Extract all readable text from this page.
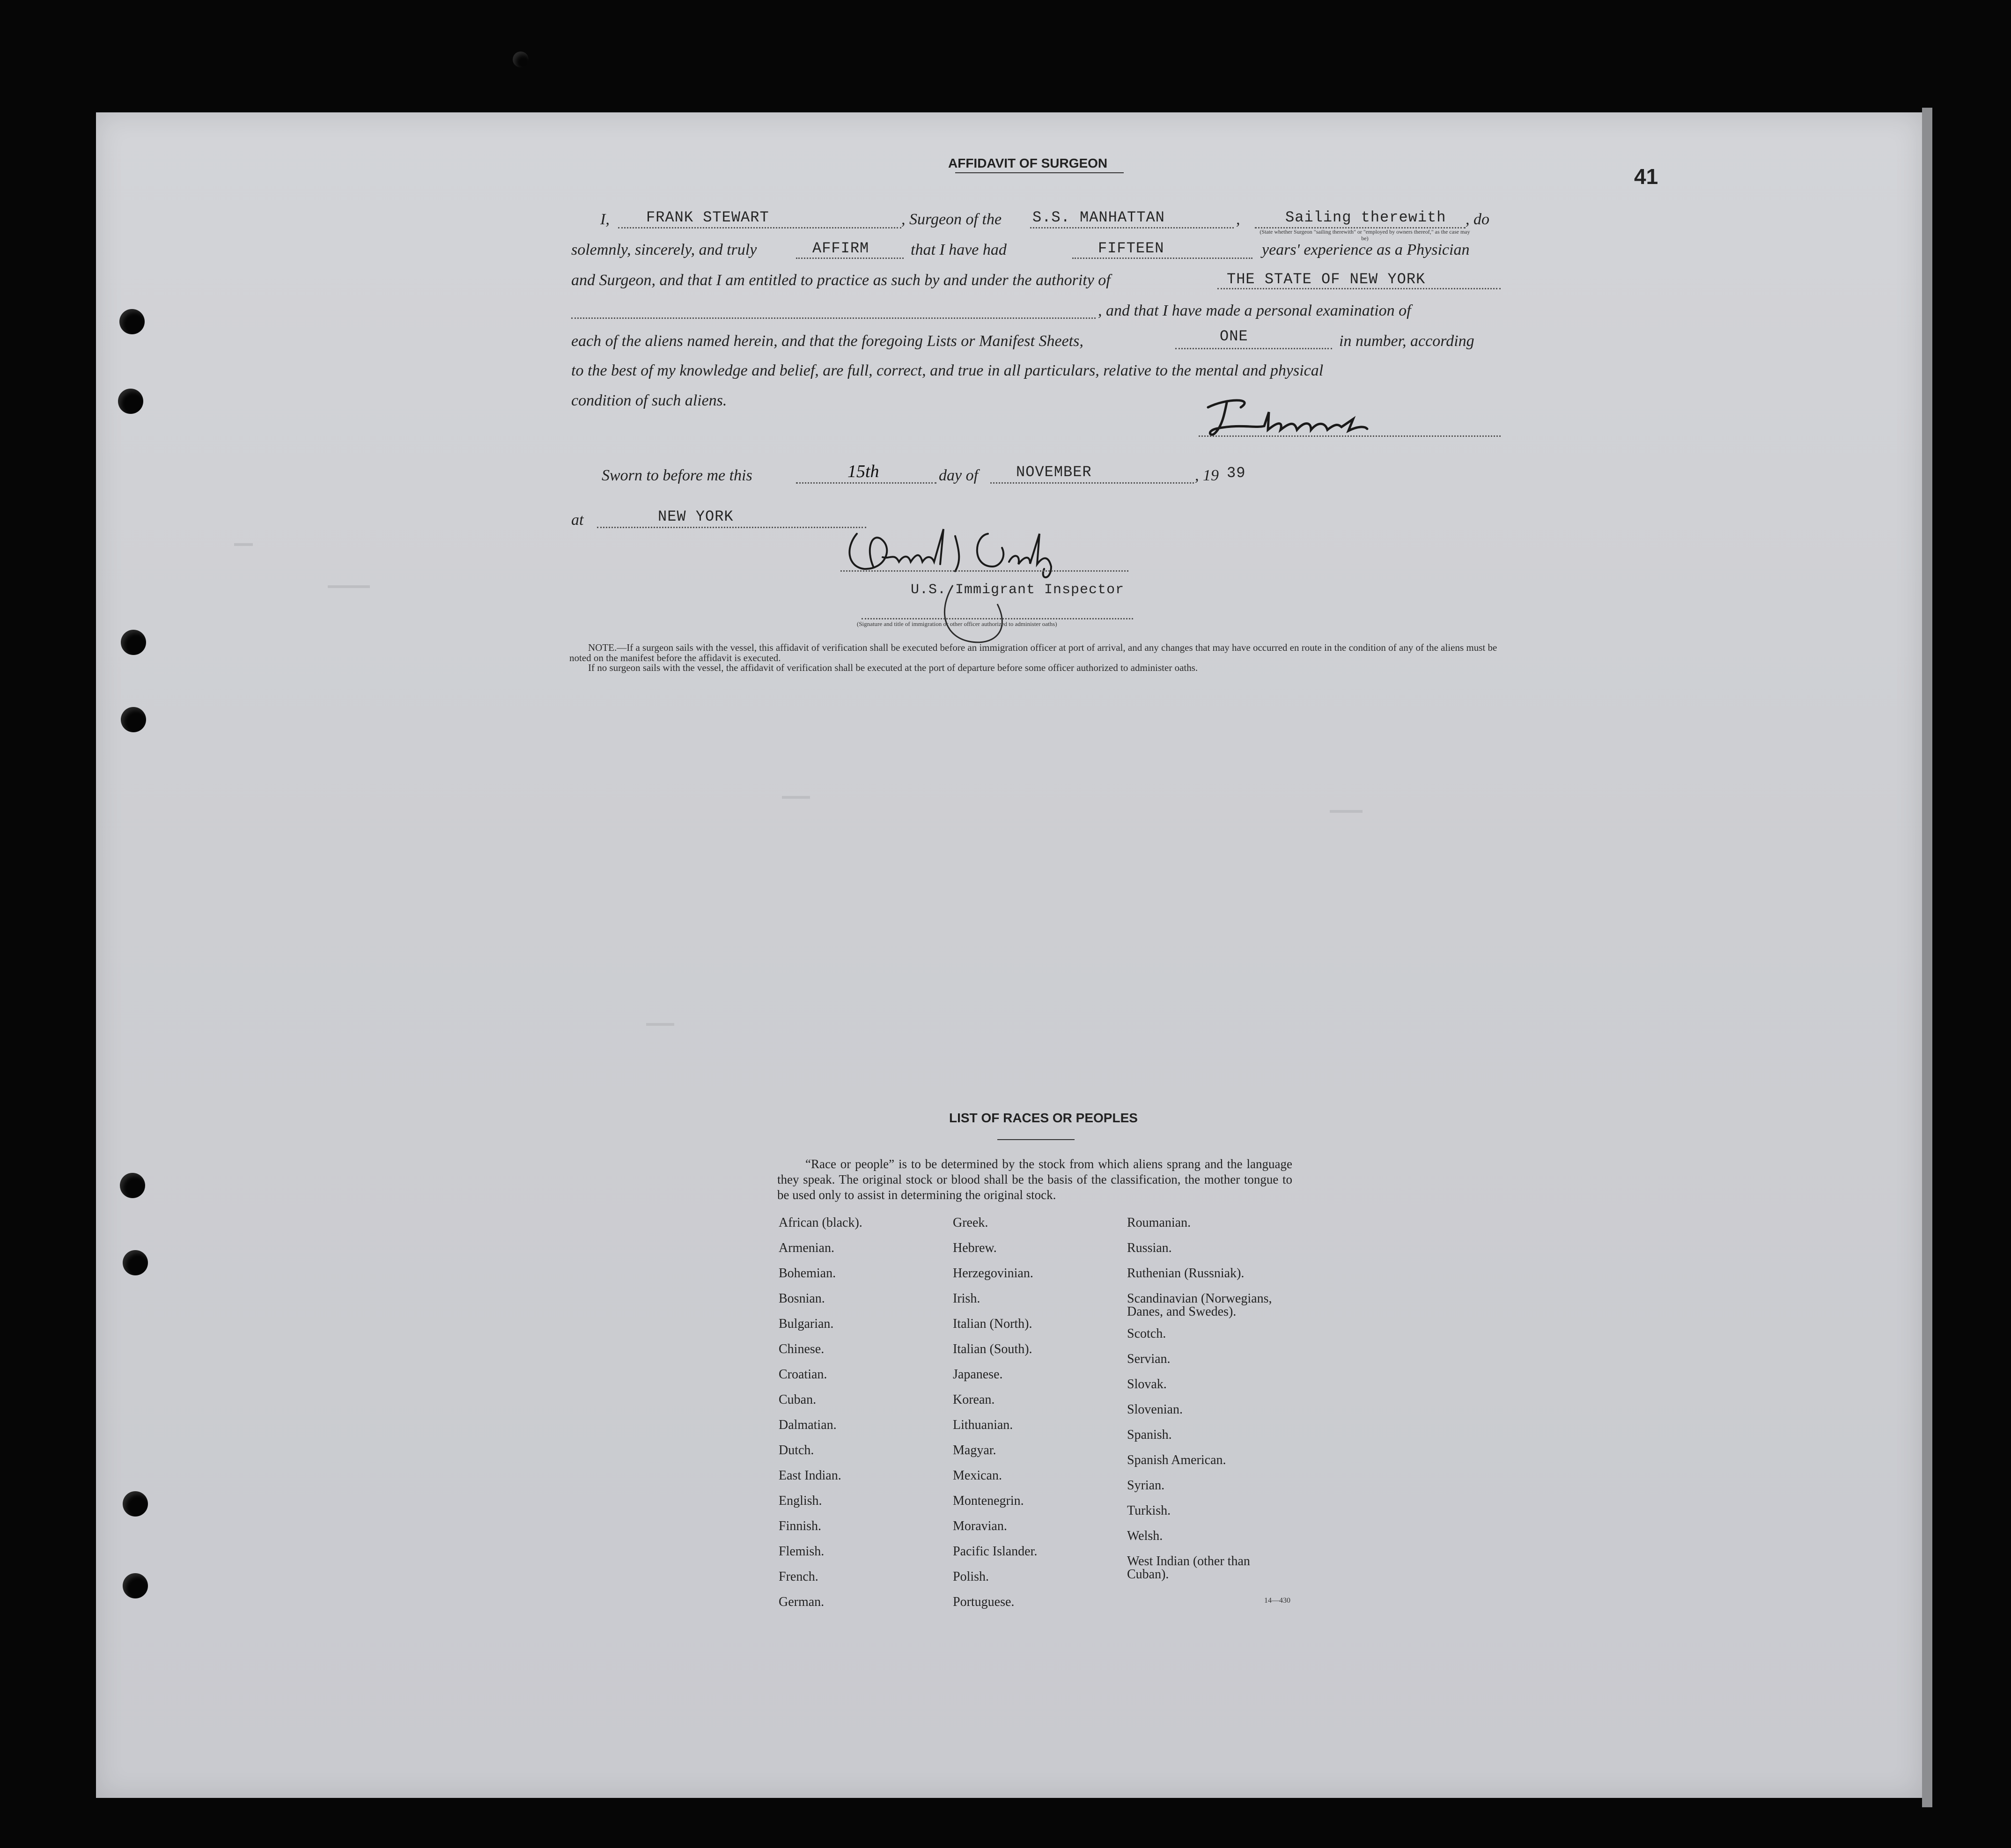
41
AFFIDAVIT OF SURGEON
I, FRANK STEWART	, Surgeon of the S.S. MANHATTAN	,	Sailing therewith , do
(State whether Surgeon "sailing therewith" or "employed by owners thereof," as the case may be)
solemnly, sincerely, and truly	AFFIRM	that I have had	FIFTEEN	years' experience as a Physician
and Surgeon, and that I am entitled to practice as such by and under the authority of	THE STATE OF NEW YORK
, and that I have made a personal examination of
each of the aliens named herein, and that the foregoing Lists or Manifest Sheets,	ONE	in number, according
to the best of my knowledge and belief, are full, correct, and true in all particulars, relative to the mental and physical
condition of such aliens.
Sworn to before me this	15th	day of	NOVEMBER	, 19 39
at	NEW YORK
U.S. Immigrant Inspector
(Signature and title of immigration or other officer authorized to administer oaths)
NOTE.—If a surgeon sails with the vessel, this affidavit of verification shall be executed before an immigration officer at port of arrival, and any changes that may have occurred en route in the condition of any of the aliens must be noted on the manifest before the affidavit is executed.
If no surgeon sails with the vessel, the affidavit of verification shall be executed at the port of departure before some officer authorized to administer oaths.
LIST OF RACES OR PEOPLES
“Race or people” is to be determined by the stock from which aliens sprang and the language they speak. The original stock or blood shall be the basis of the classification, the mother tongue to be used only to assist in determining the original stock.
African (black).
Armenian.
Bohemian.
Bosnian.
Bulgarian.
Chinese.
Croatian.
Cuban.
Dalmatian.
Dutch.
East Indian.
English.
Finnish.
Flemish.
French.
German.
Greek.
Hebrew.
Herzegovinian.
Irish.
Italian (North).
Italian (South).
Japanese.
Korean.
Lithuanian.
Magyar.
Mexican.
Montenegrin.
Moravian.
Pacific Islander.
Polish.
Portuguese.
Roumanian.
Russian.
Ruthenian (Russniak).
Scandinavian (Norwegians, Danes, and Swedes).
Scotch.
Servian.
Slovak.
Slovenian.
Spanish.
Spanish American.
Syrian.
Turkish.
Welsh.
West Indian (other than Cuban).
14—430
